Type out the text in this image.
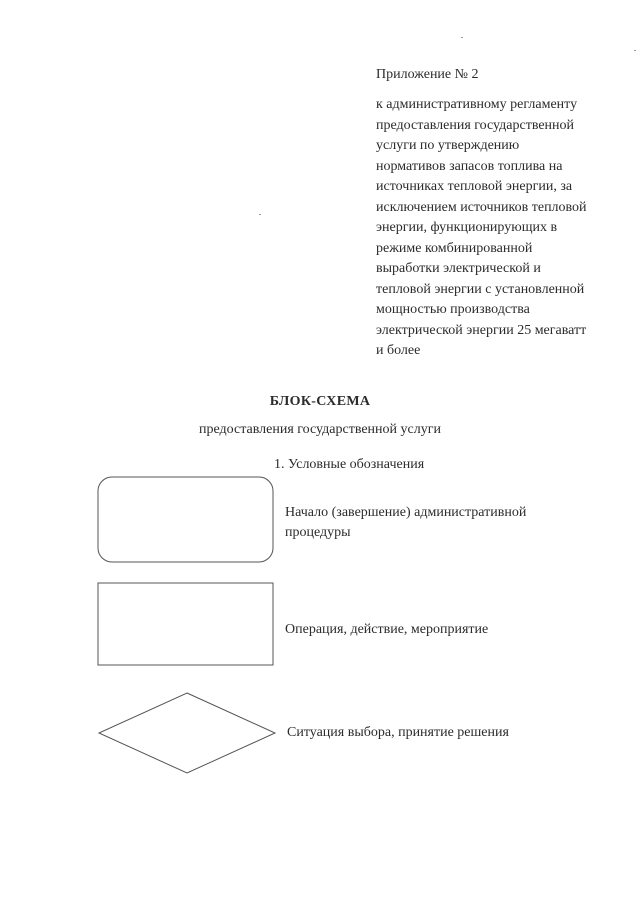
Приложение № 2
к административному регламенту
предоставления государственной
услуги по утверждению
нормативов запасов топлива на
источниках тепловой энергии, за
исключением источников тепловой
энергии, функционирующих в
режиме комбинированной
выработки электрической и
тепловой энергии с установленной
мощностью производства
электрической энергии 25 мегаватт
и более
БЛОК-СХЕМА
предоставления государственной услуги
1. Условные обозначения
Начало (завершение) административной
процедуры
Операция, действие, мероприятие
Ситуация выбора, принятие решения
